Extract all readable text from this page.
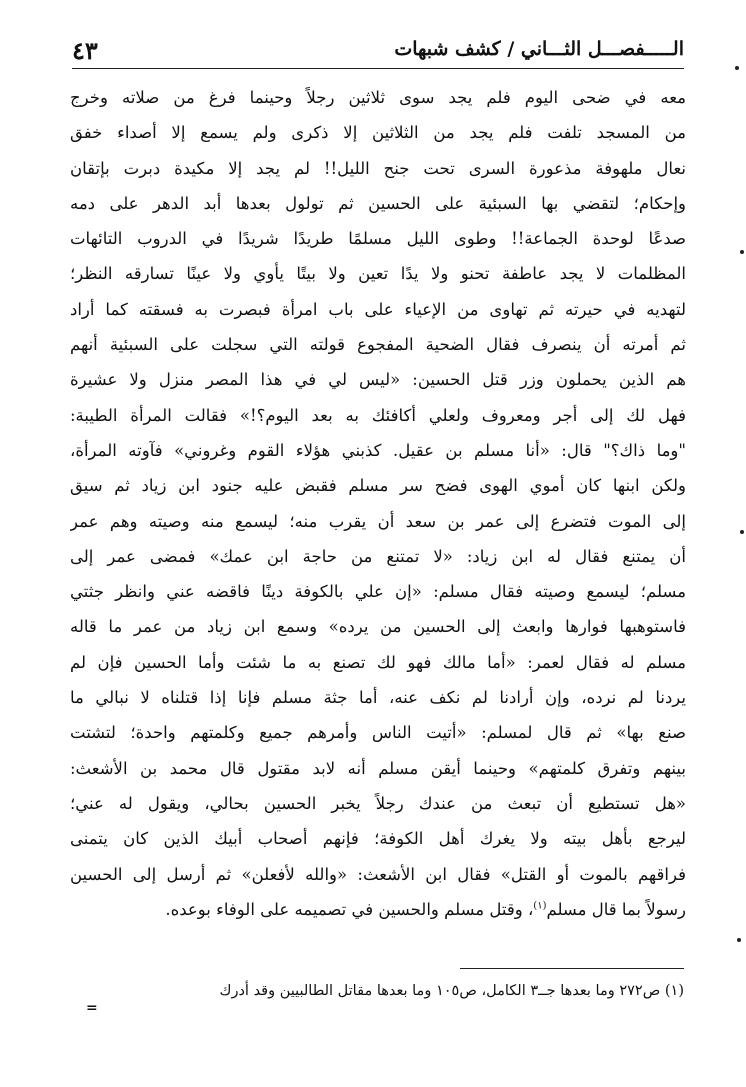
الـــــفصـــل الثـــاني / كشف شبهات
٤٣
معه في ضحى اليوم فلم يجد سوى ثلاثين رجلاً وحينما فرغ من صلاته وخرج
من المسجد تلفت فلم يجد من الثلاثين إلا ذكرى ولم يسمع إلا أصداء خفق
نعال ملهوفة مذعورة السرى تحت جنح الليل!! لم يجد إلا مكيدة دبرت بإتقان
وإحكام؛ لتقضي بها السبئية على الحسين ثم تولول بعدها أبد الدهر على دمه
صدعًا لوحدة الجماعة!! وطوى الليل مسلمًا طريدًا شريدًا في الدروب التائهات
المظلمات لا يجد عاطفة تحنو ولا يدًا تعين ولا بيتًا يأوي ولا عينًا تسارقه النظر؛
لتهديه في حيرته ثم تهاوى من الإعياء على باب امرأة فبصرت به فسقته كما أراد
ثم أمرته أن ينصرف فقال الضحية المفجوع قولته التي سجلت على السبئية أنهم
هم الذين يحملون وزر قتل الحسين: «ليس لي في هذا المصر منزل ولا عشيرة
فهل لك إلى أجر ومعروف ولعلي أكافئك به بعد اليوم؟!» فقالت المرأة الطيبة:
"وما ذاك؟" قال: «أنا مسلم بن عقيل. كذبني هؤلاء القوم وغروني» فآوته المرأة،
ولكن ابنها كان أموي الهوى فضح سر مسلم فقبض عليه جنود ابن زياد ثم سيق
إلى الموت فتضرع إلى عمر بن سعد أن يقرب منه؛ ليسمع منه وصيته وهم عمر
أن يمتنع فقال له ابن زياد: «لا تمتنع من حاجة ابن عمك» فمضى عمر إلى
مسلم؛ ليسمع وصيته فقال مسلم: «إن علي بالكوفة دينًا فاقضه عني وانظر جثتي
فاستوهبها فوارها وابعث إلى الحسين من يرده» وسمع ابن زياد من عمر ما قاله
مسلم له فقال لعمر: «أما مالك فهو لك تصنع به ما شئت وأما الحسين فإن لم
يردنا لم نرده، وإن أرادنا لم نكف عنه، أما جثة مسلم فإنا إذا قتلناه لا نبالي ما
صنع بها» ثم قال لمسلم: «أتيت الناس وأمرهم جميع وكلمتهم واحدة؛ لتشتت
بينهم وتفرق كلمتهم» وحينما أيقن مسلم أنه لابد مقتول قال محمد بن الأشعث:
«هل تستطيع أن تبعث من عندك رجلاً يخبر الحسين بحالي، ويقول له عني؛
ليرجع بأهل بيته ولا يغرك أهل الكوفة؛ فإنهم أصحاب أبيك الذين كان يتمنى
فراقهم بالموت أو القتل» فقال ابن الأشعث: «والله لأفعلن» ثم أرسل إلى الحسين
رسولاً بما قال مسلم$^{(١)}$، وقتل مسلم والحسين في تصميمه على الوفاء بوعده.
(١) ص٢٧٢ وما بعدها جــ٣ الكامل، ص١٠٥ وما بعدها مقاتل الطالبيين وقد أدرك
=
